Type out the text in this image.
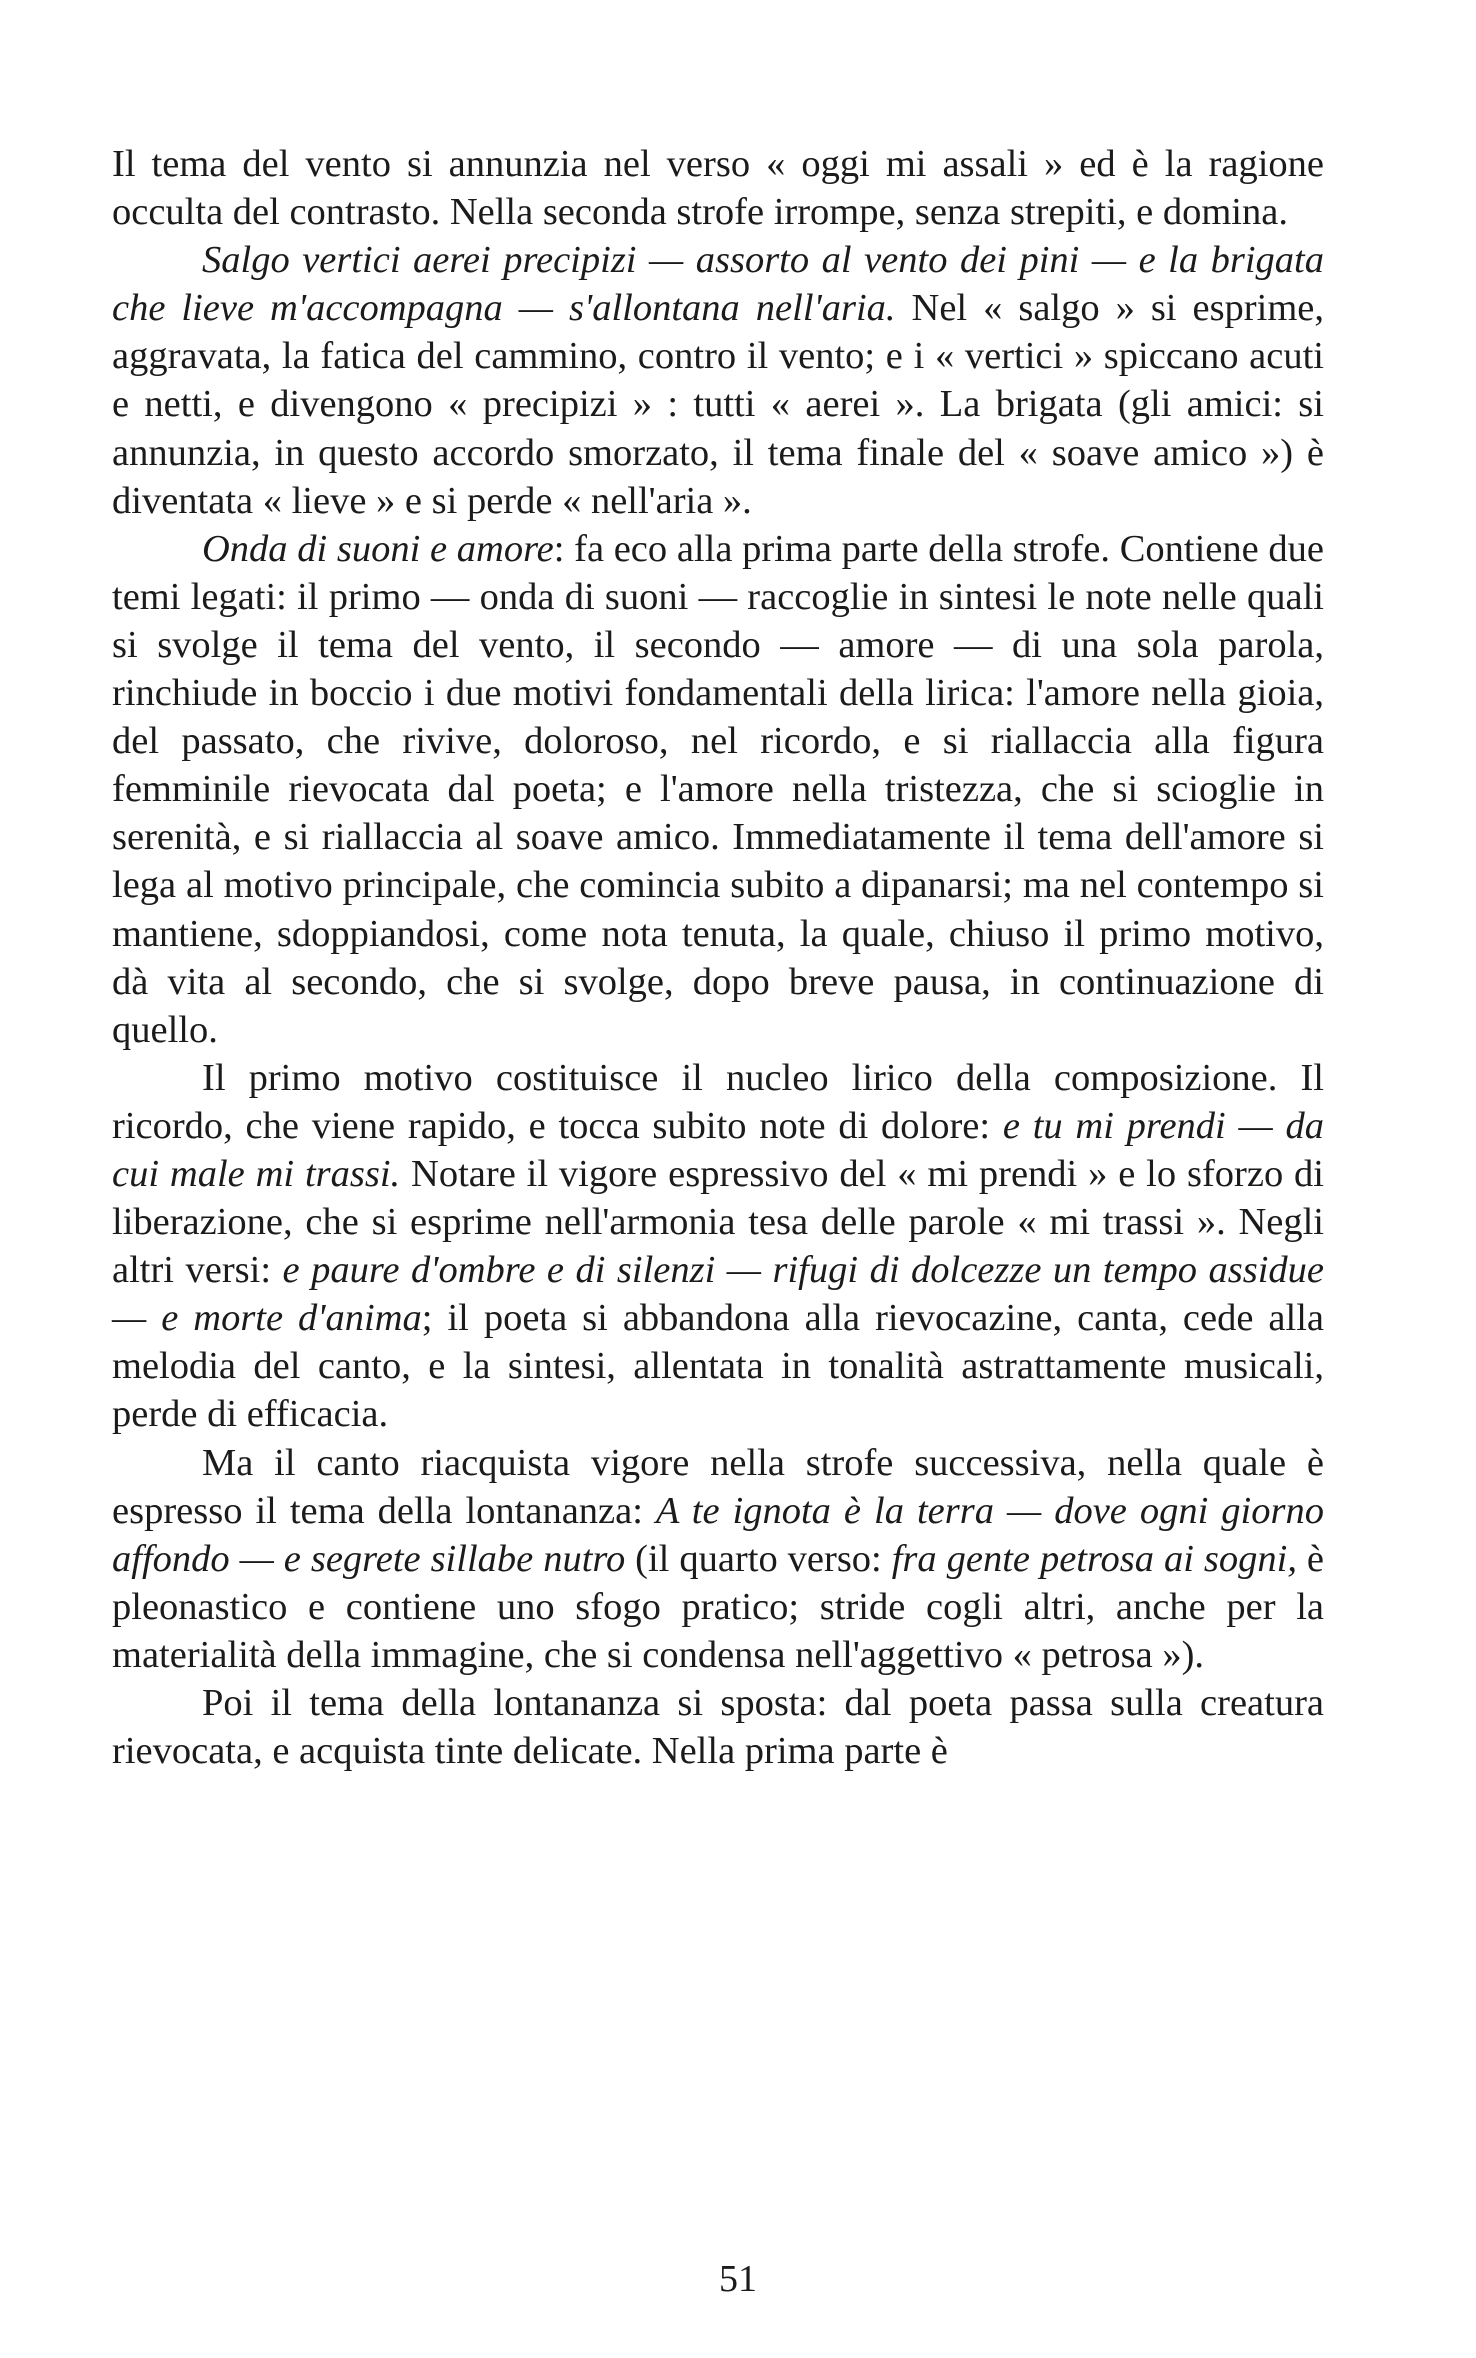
Il tema del vento si annunzia nel verso « oggi mi assali » ed è la ragione occulta del contrasto. Nella seconda strofe irrompe, senza strepiti, e domina.

Salgo vertici aerei precipizi — assorto al vento dei pini — e la brigata che lieve m'accompagna — s'allontana nell'aria. Nel « salgo » si esprime, aggravata, la fatica del cammino, contro il vento; e i « vertici » spiccano acuti e netti, e divengono « precipizi » : tutti « aerei ». La brigata (gli amici: si annunzia, in questo accordo smorzato, il tema finale del « soave amico ») è diventata « lieve » e si perde « nell'aria ».

Onda di suoni e amore: fa eco alla prima parte della strofe. Contiene due temi legati: il primo — onda di suoni — raccoglie in sintesi le note nelle quali si svolge il tema del vento, il secondo — amore — di una sola parola, rinchiude in boccio i due motivi fondamentali della lirica: l'amore nella gioia, del passato, che rivive, doloroso, nel ricordo, e si riallaccia alla figura femminile rievocata dal poeta; e l'amore nella tristezza, che si scioglie in serenità, e si riallaccia al soave amico. Immediatamente il tema dell'amore si lega al motivo principale, che comincia subito a dipanarsi; ma nel contempo si mantiene, sdoppiandosi, come nota tenuta, la quale, chiuso il primo motivo, dà vita al secondo, che si svolge, dopo breve pausa, in continuazione di quello.

Il primo motivo costituisce il nucleo lirico della composizione. Il ricordo, che viene rapido, e tocca subito note di dolore: e tu mi prendi — da cui male mi trassi. Notare il vigore espressivo del « mi prendi » e lo sforzo di liberazione, che si esprime nell'armonia tesa delle parole « mi trassi ». Negli altri versi: e paure d'ombre e di silenzi — rifugi di dolcezze un tempo assidue — e morte d'anima; il poeta si abbandona alla rievocazine, canta, cede alla melodia del canto, e la sintesi, allentata in tonalità astrattamente musicali, perde di efficacia.

Ma il canto riacquista vigore nella strofe successiva, nella quale è espresso il tema della lontananza: A te ignota è la terra — dove ogni giorno affondo — e segrete sillabe nutro (il quarto verso: fra gente petrosa ai sogni, è pleonastico e contiene uno sfogo pratico; stride cogli altri, anche per la materialità della immagine, che si condensa nell'aggettivo « petrosa »).

Poi il tema della lontananza si sposta: dal poeta passa sulla creatura rievocata, e acquista tinte delicate. Nella prima parte è

51
